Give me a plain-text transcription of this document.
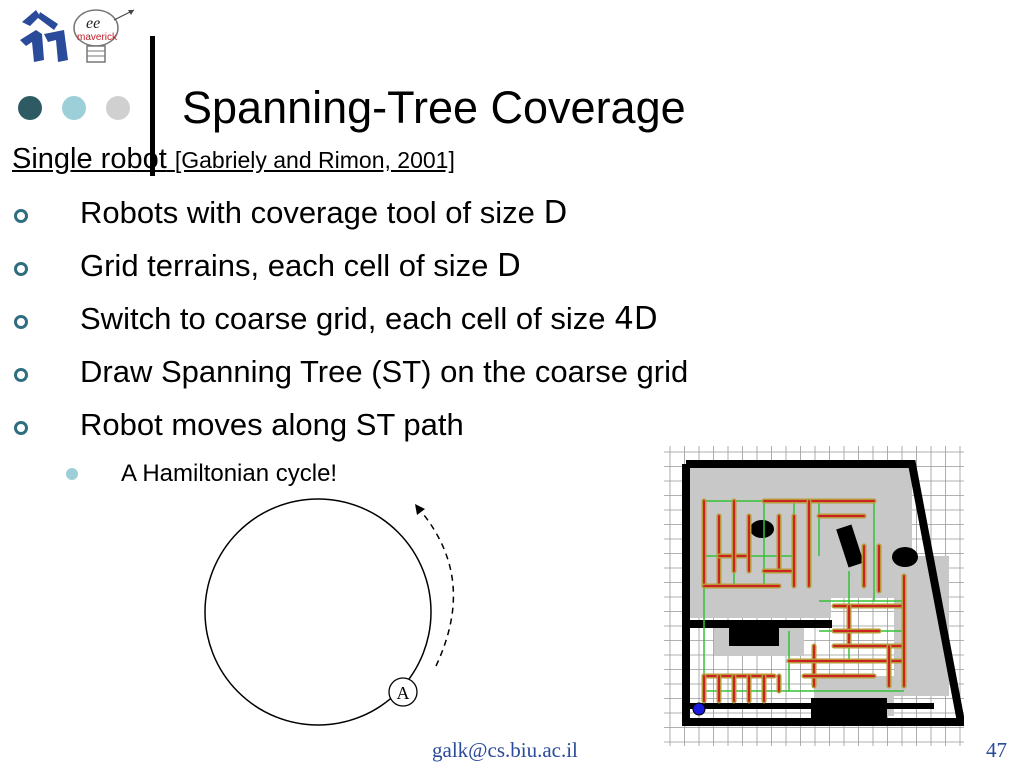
ee
maverick
Spanning-Tree Coverage
Single robot [Gabriely and Rimon, 2001]
Robots with coverage tool of size D
Grid terrains, each cell of size D
Switch to coarse grid, each cell of size 4D
Draw Spanning Tree (ST) on the coarse grid
Robot moves along ST path
A Hamiltonian cycle!
A
galk@cs.biu.ac.il	47
